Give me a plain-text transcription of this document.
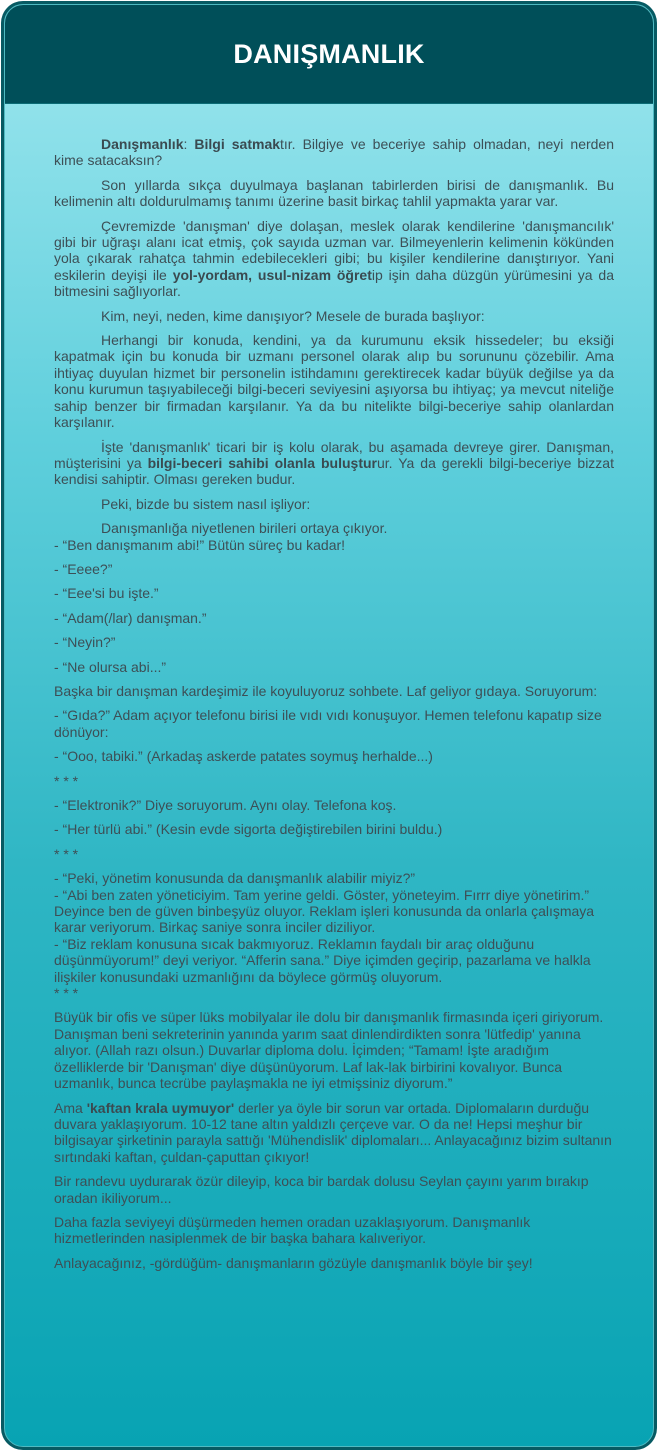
DANIŞMANLIK

Danışmanlık: Bilgi satmaktır. Bilgiye ve beceriye sahip olmadan, neyi nerden kime satacaksın?

Son yıllarda sıkça duyulmaya başlanan tabirlerden birisi de danışmanlık. Bu kelimenin altı doldurulmamış tanımı üzerine basit birkaç tahlil yapmakta yarar var.

Çevremizde 'danışman' diye dolaşan, meslek olarak kendilerine 'danışmancılık' gibi bir uğraşı alanı icat etmiş, çok sayıda uzman var. Bilmeyenlerin kelimenin kökünden yola çıkarak rahatça tahmin edebilecekleri gibi; bu kişiler kendilerine danıştırıyor. Yani eskilerin deyişi ile yol-yordam, usul-nizam öğretip işin daha düzgün yürümesini ya da bitmesini sağlıyorlar.

Kim, neyi, neden, kime danışıyor? Mesele de burada başlıyor:

Herhangi bir konuda, kendini, ya da kurumunu eksik hissedeler; bu eksiği kapatmak için bu konuda bir uzmanı personel olarak alıp bu sorununu çözebilir. Ama ihtiyaç duyulan hizmet bir personelin istihdamını gerektirecek kadar büyük değilse ya da konu kurumun taşıyabileceği bilgi-beceri seviyesini aşıyorsa bu ihtiyaç; ya mevcut niteliğe sahip benzer bir firmadan karşılanır. Ya da bu nitelikte bilgi-beceriye sahip olanlardan karşılanır.

İşte 'danışmanlık' ticari bir iş kolu olarak, bu aşamada devreye girer. Danışman, müşterisini ya bilgi-beceri sahibi olanla buluşturur. Ya da gerekli bilgi-beceriye bizzat kendisi sahiptir. Olması gereken budur.

Peki, bizde bu sistem nasıl işliyor:

Danışmanlığa niyetlenen birileri ortaya çıkıyor.

- “Ben danışmanım abi!” Bütün süreç bu kadar!

- “Eeee?”

- “Eee'si bu işte.”

- “Adam(/lar) danışman.”

- “Neyin?”

- “Ne olursa abi...”

Başka bir danışman kardeşimiz ile koyuluyoruz sohbete. Laf geliyor gıdaya. Soruyorum:

- “Gıda?” Adam açıyor telefonu birisi ile vıdı vıdı konuşuyor. Hemen telefonu kapatıp size dönüyor:

- “Ooo, tabiki.” (Arkadaş askerde patates soymuş herhalde...)

* * *

- “Elektronik?” Diye soruyorum. Aynı olay. Telefona koş.

- “Her türlü abi.” (Kesin evde sigorta değiştirebilen birini buldu.)

* * *

- “Peki, yönetim konusunda da danışmanlık alabilir miyiz?”

- “Abi ben zaten yöneticiyim. Tam yerine geldi. Göster, yöneteyim. Fırrr diye yönetirim.” Deyince ben de güven binbeşyüz oluyor. Reklam işleri konusunda da onlarla çalışmaya karar veriyorum. Birkaç saniye sonra inciler diziliyor.

- “Biz reklam konusuna sıcak bakmıyoruz. Reklamın faydalı bir araç olduğunu düşünmüyorum!” deyi veriyor. “Afferin sana.” Diye içimden geçirip, pazarlama ve halkla ilişkiler konusundaki uzmanlığını da böylece görmüş oluyorum.

* * *

Büyük bir ofis ve süper lüks mobilyalar ile dolu bir danışmanlık firmasında içeri giriyorum. Danışman beni sekreterinin yanında yarım saat dinlendirdikten sonra 'lütfedip' yanına alıyor. (Allah razı olsun.) Duvarlar diploma dolu. İçimden; “Tamam! İşte aradığım özelliklerde bir 'Danışman' diye düşünüyorum. Laf lak-lak birbirini kovalıyor. Bunca uzmanlık, bunca tecrübe paylaşmakla ne iyi etmişsiniz diyorum.”

Ama 'kaftan krala uymuyor' derler ya öyle bir sorun var ortada. Diplomaların durduğu duvara yaklaşıyorum. 10-12 tane altın yaldızlı çerçeve var. O da ne! Hepsi meşhur bir bilgisayar şirketinin parayla sattığı 'Mühendislik' diplomaları... Anlayacağınız bizim sultanın sırtındaki kaftan, çuldan-çaputtan çıkıyor!

Bir randevu uydurarak özür dileyip, koca bir bardak dolusu Seylan çayını yarım bırakıp oradan ikiliyorum...

Daha fazla seviyeyi düşürmeden hemen oradan uzaklaşıyorum. Danışmanlık hizmetlerinden nasiplenmek de bir başka bahara kalıveriyor.

Anlayacağınız, -gördüğüm- danışmanların gözüyle danışmanlık böyle bir şey!
